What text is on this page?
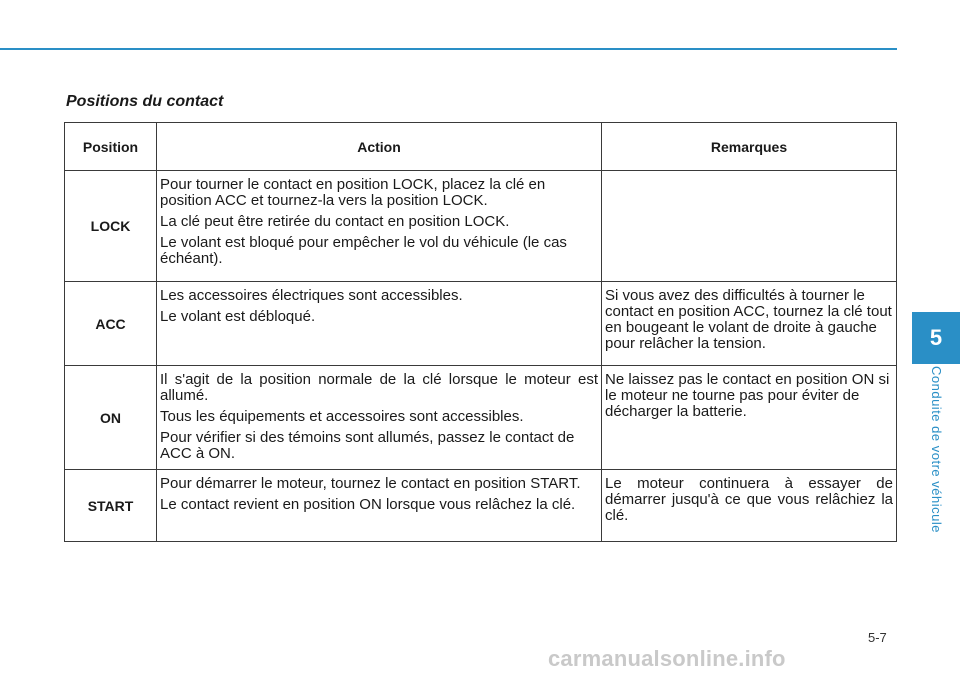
Positions du contact
Position	Action	Remarques
LOCK	Pour tourner le contact en position LOCK, placez la clé en position ACC et tournez-la vers la position LOCK.

La clé peut être retirée du contact en position LOCK.

Le volant est bloqué pour empêcher le vol du véhicule (le cas échéant).	

ACC	Les accessoires électriques sont accessibles.

Le volant est débloqué.	Si vous avez des difficultés à tourner le contact en position ACC, tournez la clé tout en bougeant le volant de droite à gauche pour relâcher la tension.

ON	Il s'agit de la position normale de la clé lorsque le moteur est allumé.

Tous les équipements et accessoires sont accessibles.

Pour vérifier si des témoins sont allumés, passez le contact de ACC à ON.	Ne laissez pas le contact en position ON si le moteur ne tourne pas pour éviter de décharger la batterie.

START	Pour démarrer le moteur, tournez le contact en position START.

Le contact revient en position ON lorsque vous relâchez la clé.	Le moteur continuera à essayer de démarrer jusqu'à ce que vous relâchiez la clé.
5
Conduite de votre véhicule
5-7
carmanualsonline.info
